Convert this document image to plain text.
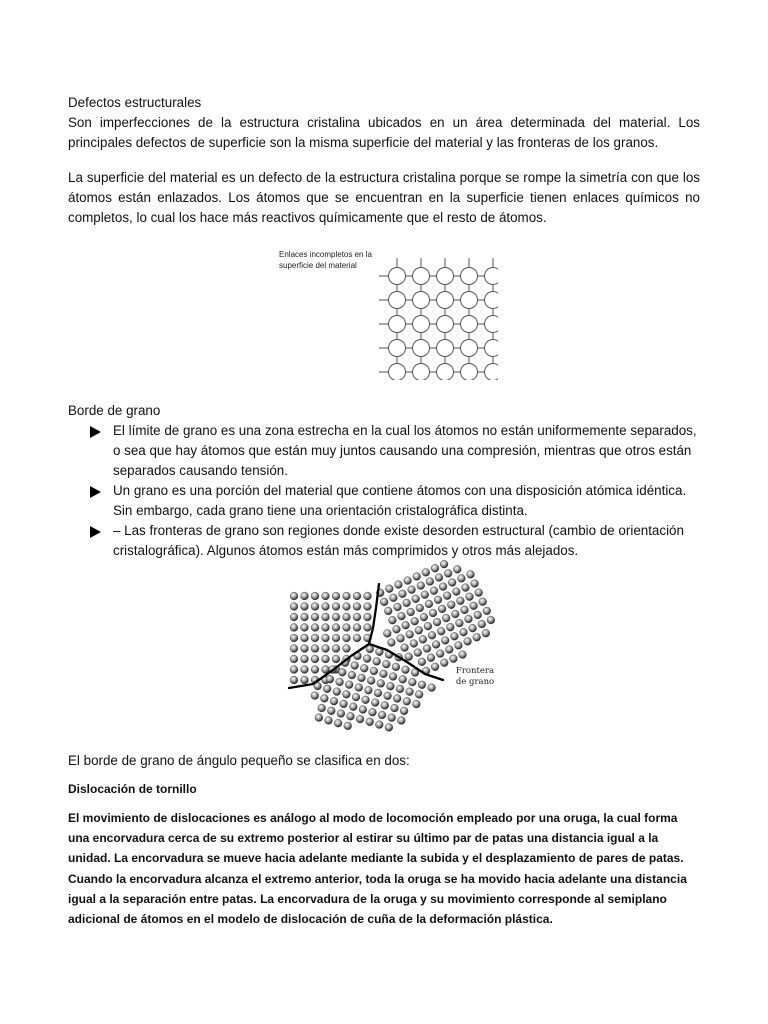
Defectos estructurales

Son imperfecciones de la estructura cristalina ubicados en un área determinada del material. Los principales defectos de superficie son la misma superficie del material y las fronteras de los granos.

La superficie del material es un defecto de la estructura cristalina porque se rompe la simetría con que los átomos están enlazados. Los átomos que se encuentran en la superficie tienen enlaces químicos no completos, lo cual los hace más reactivos químicamente que el resto de átomos.

Enlaces incompletos en la
superficie del material

Borde de grano

El límite de grano es una zona estrecha en la cual los átomos no están uniformemente separados, o sea que hay átomos que están muy juntos causando una compresión, mientras que otros están separados causando tensión.
Un grano es una porción del material que contiene átomos con una disposición atómica idéntica. Sin embargo, cada grano tiene una orientación cristalográfica distinta.
– Las fronteras de grano son regiones donde existe desorden estructural (cambio de orientación cristalográfica). Algunos átomos están más comprimidos y otros más alejados.
Frontera
de grano

El borde de grano de ángulo pequeño se clasifica en dos:

Dislocación de tornillo

El movimiento de dislocaciones es análogo al modo de locomoción empleado por una oruga, la cual forma una encorvadura cerca de su extremo posterior al estirar su último par de patas una distancia igual a la unidad. La encorvadura se mueve hacia adelante mediante la subida y el desplazamiento de pares de patas. Cuando la encorvadura alcanza el extremo anterior, toda la oruga se ha movido hacia adelante una distancia igual a la separación entre patas. La encorvadura de la oruga y su movimiento corresponde al semiplano adicional de átomos en el modelo de dislocación de cuña de la deformación plástica.
